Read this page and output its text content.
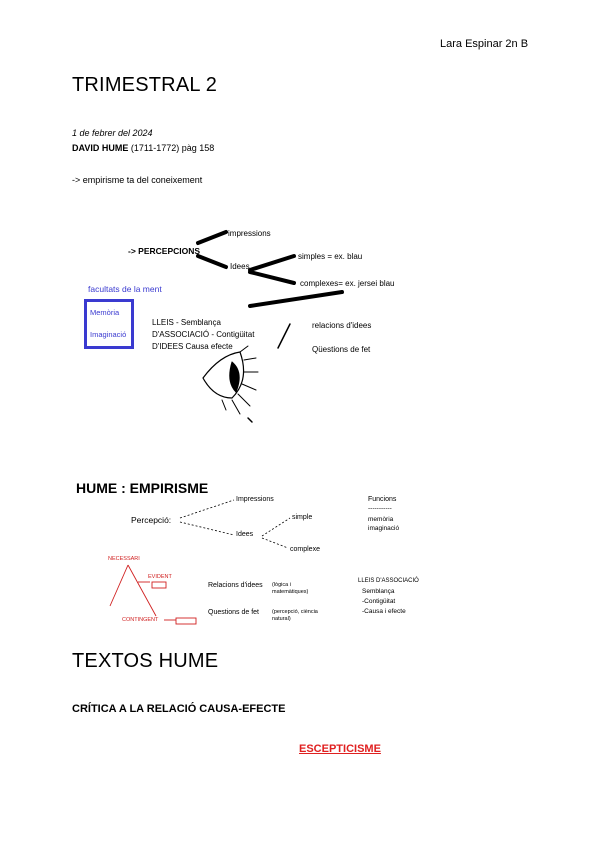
Lara Espinar 2n B
TRIMESTRAL 2
1 de febrer del 2024
DAVID HUME (1711-1772) pàg 158
-> empirisme ta del coneixement
-> PERCEPCIONS
impressions
Idees
simples = ex. blau
complexes= ex. jersei blau
facultats de la ment
Memòria
Imaginació
LLEIS - Semblança
D'ASSOCIACIÓ - Contigüitat
D'IDEES Causa efecte
relacions d'idees
Qüestions de fet
HUME : EMPIRISME
Percepció:
Impressions
Idees
simple
complexe
Funcions
-----------
memòria
imaginació
Relacions d'idees (lògica i matemàtiques)
Questions de fet (percepció, ciència natural)
LLEIS D'ASSOCIACIÓ
Semblança
-Contigüitat
-Causa i efecte
NECESSARI
EVIDENT
CONTINGENT
TEXTOS HUME
CRÍTICA A LA RELACIÓ CAUSA-EFECTE
ESCEPTICISME
